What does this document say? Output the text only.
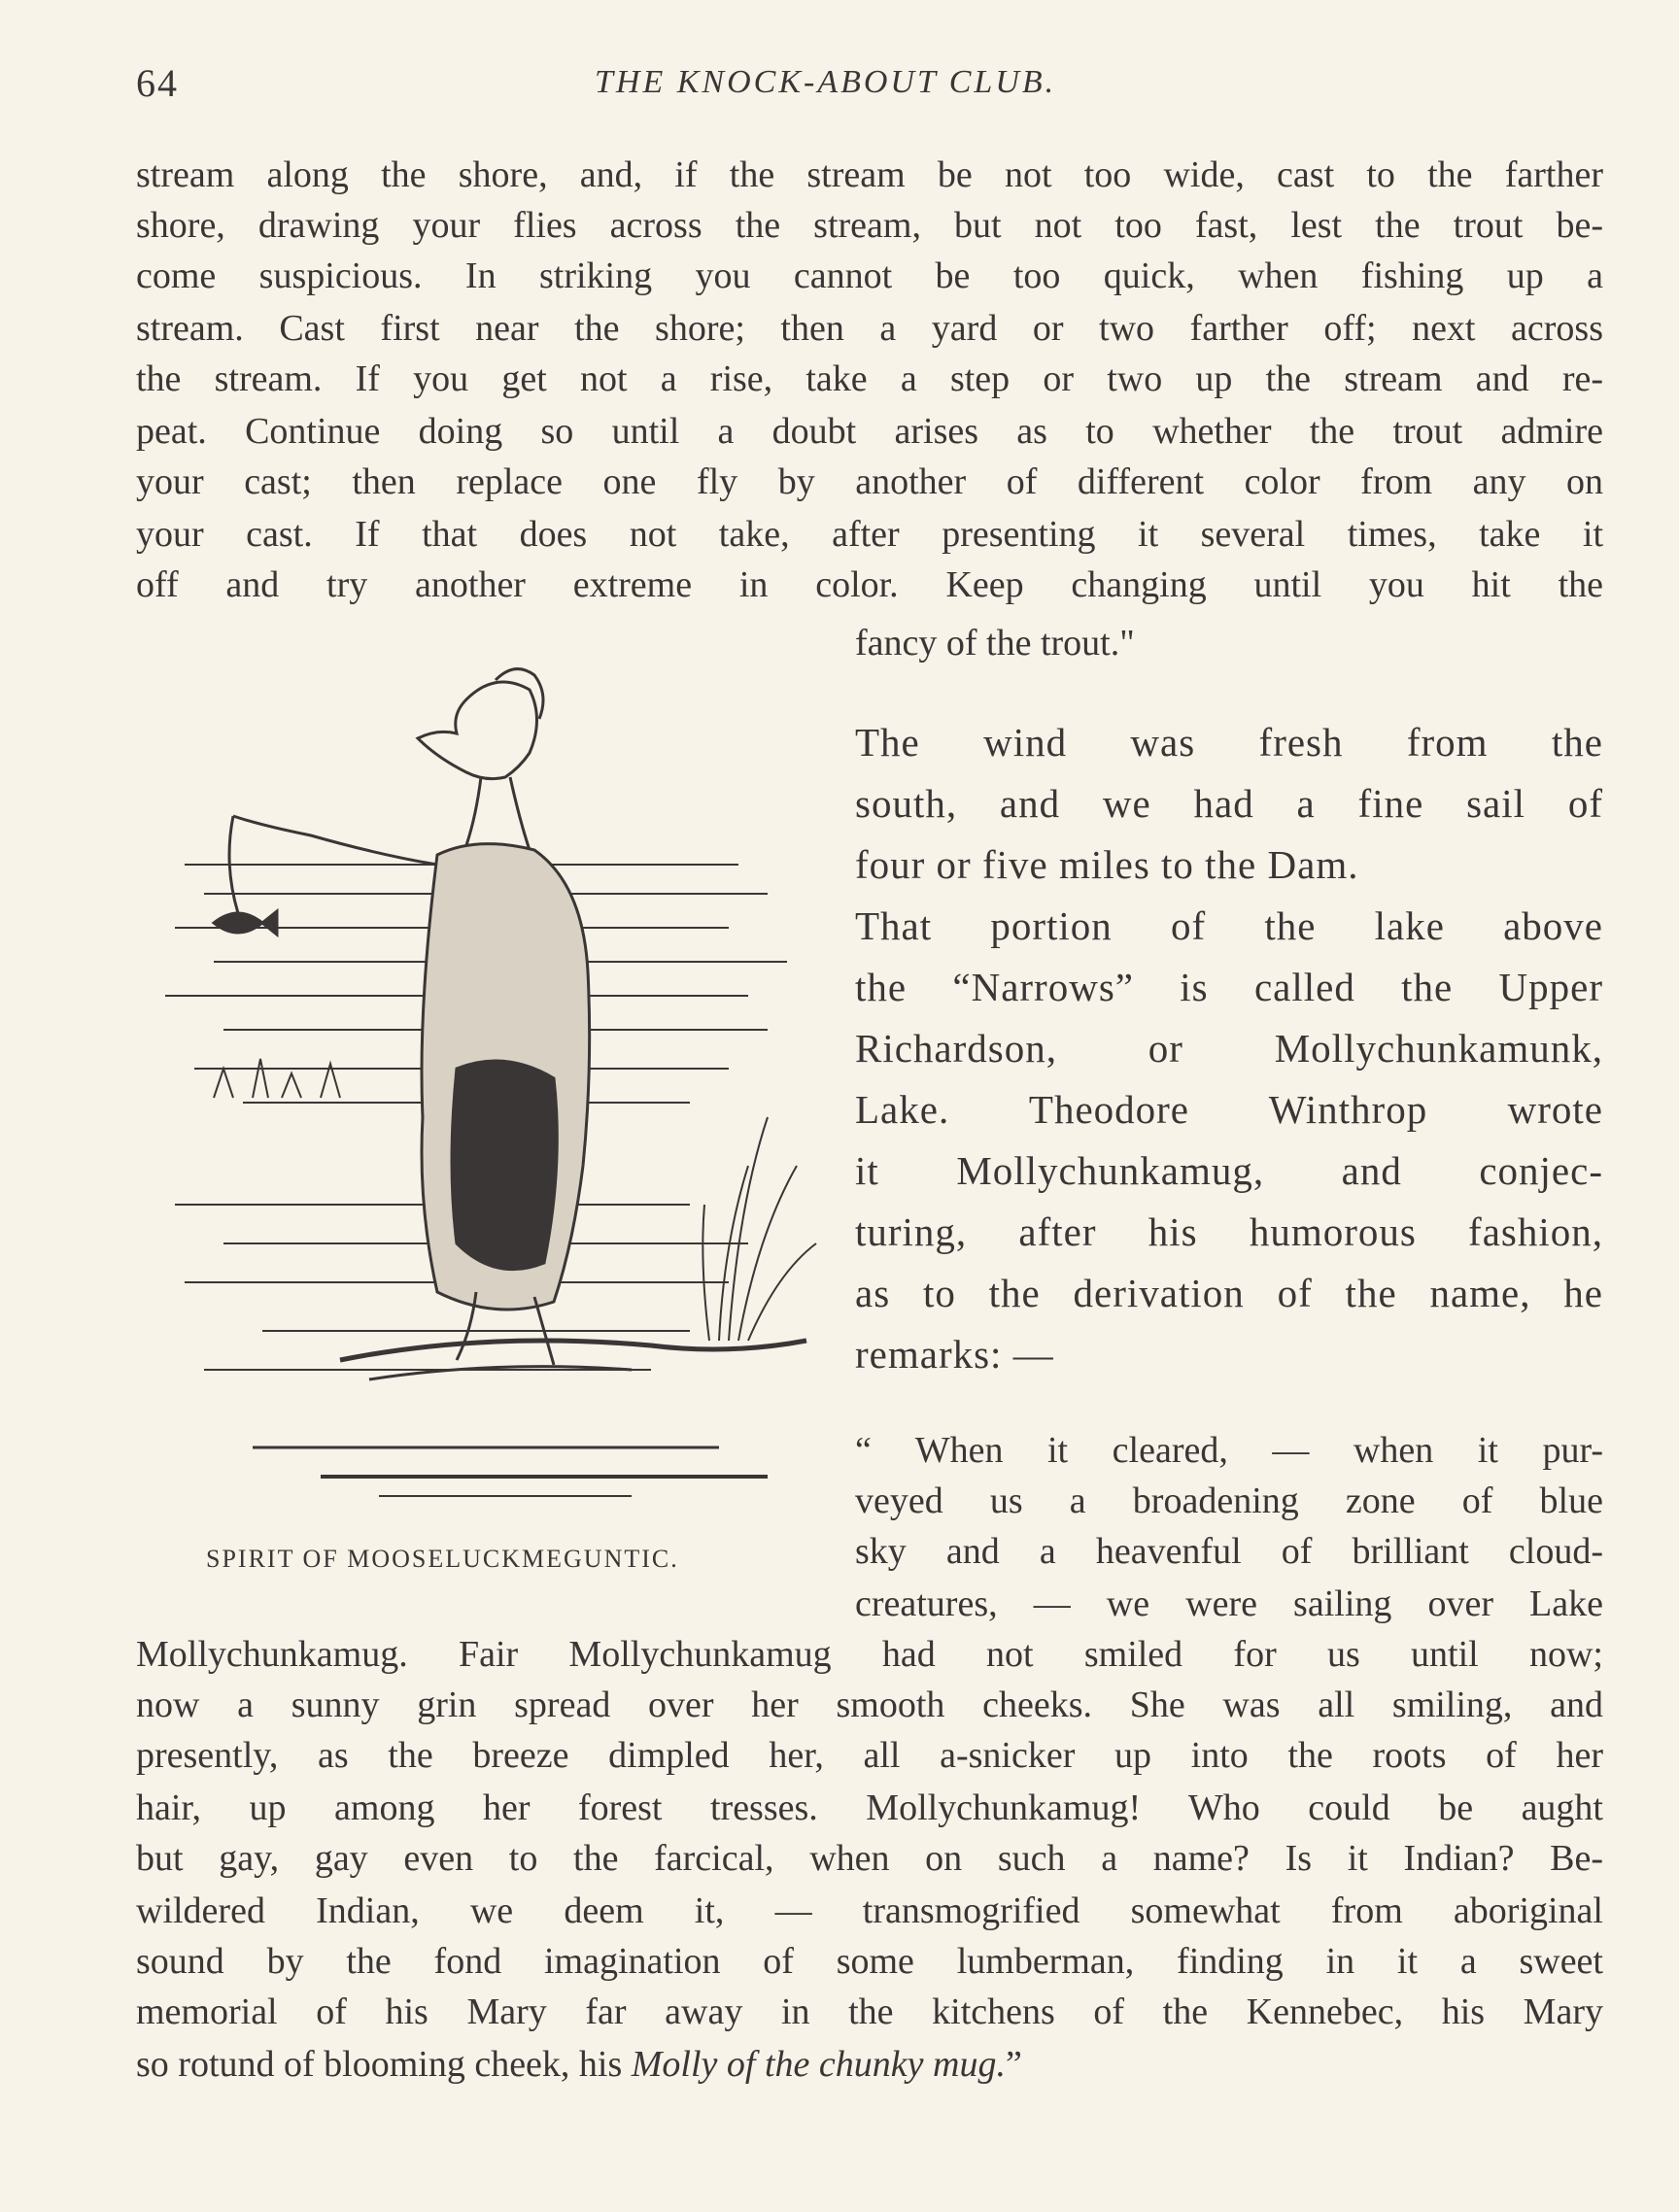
64	THE KNOCK-ABOUT CLUB.
stream along the shore, and, if the stream be not too wide, cast to the farther
shore, drawing your flies across the stream, but not too fast, lest the trout be-
come suspicious. In striking you cannot be too quick, when fishing up a
stream. Cast first near the shore; then a yard or two farther off; next across
the stream. If you get not a rise, take a step or two up the stream and re-
peat. Continue doing so until a doubt arises as to whether the trout admire
your cast; then replace one fly by another of different color from any on
your cast. If that does not take, after presenting it several times, take it
off and try another extreme in color. Keep changing until you hit the
fancy of the trout."
SPIRIT OF MOOSELUCKMEGUNTIC.
The wind was fresh from the
south, and we had a fine sail of
four or five miles to the Dam.
That portion of the lake above
the “Narrows” is called the Upper
Richardson, or Mollychunkamunk,
Lake. Theodore Winthrop wrote
it Mollychunkamug, and conjec-
turing, after his humorous fashion,
as to the derivation of the name, he
remarks: —
“ When it cleared, — when it pur-
veyed us a broadening zone of blue
sky and a heavenful of brilliant cloud-
creatures, — we were sailing over Lake
Mollychunkamug. Fair Mollychunkamug had not smiled for us until now;
now a sunny grin spread over her smooth cheeks. She was all smiling, and
presently, as the breeze dimpled her, all a-snicker up into the roots of her
hair, up among her forest tresses. Mollychunkamug! Who could be aught
but gay, gay even to the farcical, when on such a name? Is it Indian? Be-
wildered Indian, we deem it, — transmogrified somewhat from aboriginal
sound by the fond imagination of some lumberman, finding in it a sweet
memorial of his Mary far away in the kitchens of the Kennebec, his Mary
so rotund of blooming cheek, his Molly of the chunky mug.”
